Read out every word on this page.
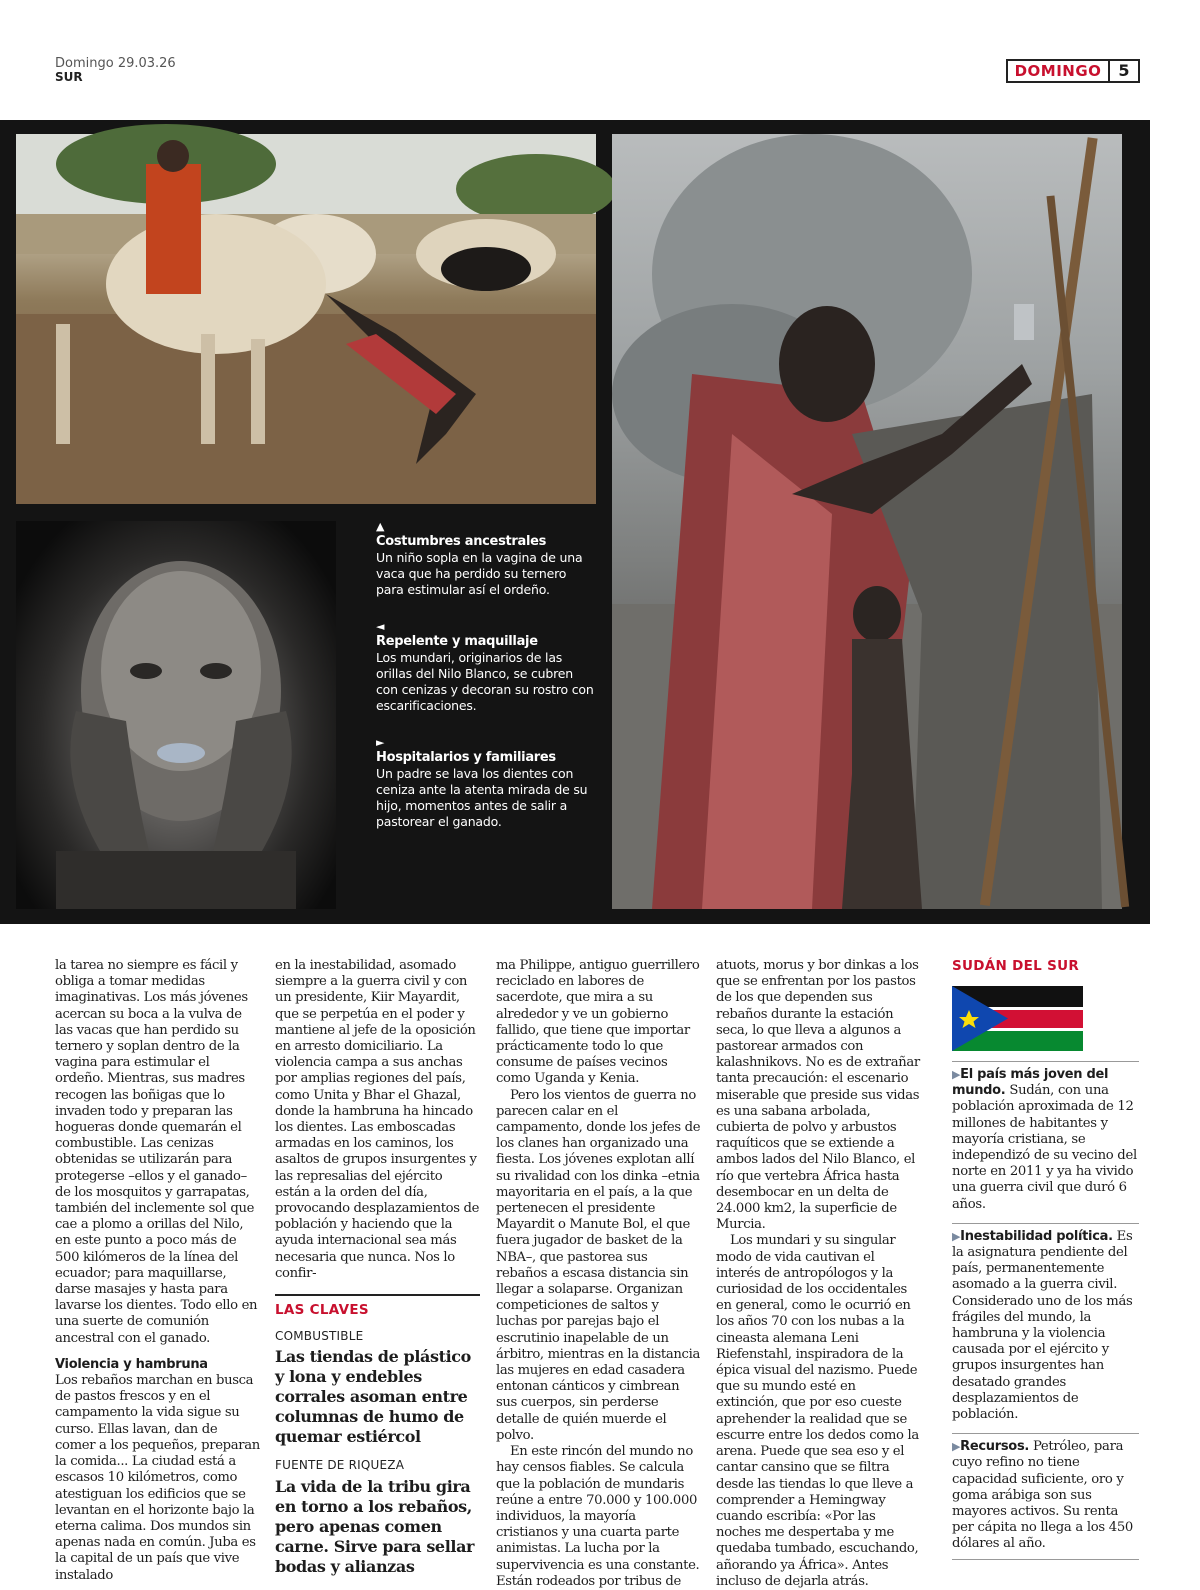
Domingo 29.03.26
SUR	DOMINGO	5
▲
Costumbres ancestrales
Un niño sopla en la vagina de una vaca que ha perdido su ternero para estimular así el ordeño.
◄
Repelente y maquillaje
Los mundari, originarios de las orillas del Nilo Blanco, se cubren con cenizas y decoran su rostro con escarificaciones.
►
Hospitalarios y familiares
Un padre se lava los dientes con ceniza ante la atenta mirada de su hijo, momentos antes de salir a pastorear el ganado.

la tarea no siempre es fácil y obliga a tomar medidas imaginativas. Los más jóvenes acercan su boca a la vulva de las vacas que han perdido su ternero y soplan dentro de la vagina para estimular el ordeño. Mientras, sus madres recogen las boñigas que lo invaden todo y preparan las hogueras donde quemarán el combustible. Las cenizas obtenidas se utilizarán para protegerse –ellos y el ganado– de los mosquitos y garrapatas, también del inclemente sol que cae a plomo a orillas del Nilo, en este punto a poco más de 500 kilómeros de la línea del ecuador; para maquillarse, darse masajes y hasta para lavarse los dientes. Todo ello en una suerte de comunión ancestral con el ganado.

Violencia y hambruna

Los rebaños marchan en busca de pastos frescos y en el campamento la vida sigue su curso. Ellas lavan, dan de comer a los pequeños, preparan la comida... La ciudad está a escasos 10 kilómetros, como atestiguan los edificios que se levantan en el horizonte bajo la eterna calima. Dos mundos sin apenas nada en común. Juba es la capital de un país que vive instalado

en la inestabilidad, asomado siempre a la guerra civil y con un presidente, Kiir Mayardit, que se perpetúa en el poder y mantiene al jefe de la oposición en arresto domiciliario. La violencia campa a sus anchas por amplias regiones del país, como Unita y Bhar el Ghazal, donde la hambruna ha hincado los dientes. Las emboscadas armadas en los caminos, los asaltos de grupos insurgentes y las represalias del ejército están a la orden del día, provocando desplazamientos de población y haciendo que la ayuda internacional sea más necesaria que nunca. Nos lo confir-

LAS CLAVES
COMBUSTIBLE
Las tiendas de plástico y lona y endebles corrales asoman entre columnas de humo de quemar estiércol
FUENTE DE RIQUEZA
La vida de la tribu gira en torno a los rebaños, pero apenas comen carne. Sirve para sellar bodas y alianzas

ma Philippe, antiguo guerrillero reciclado en labores de sacerdote, que mira a su alrededor y ve un gobierno fallido, que tiene que importar prácticamente todo lo que consume de países vecinos como Uganda y Kenia.

Pero los vientos de guerra no parecen calar en el campamento, donde los jefes de los clanes han organizado una fiesta. Los jóvenes explotan allí su rivalidad con los dinka –etnia mayoritaria en el país, a la que pertenecen el presidente Mayardit o Manute Bol, el que fuera jugador de basket de la NBA–, que pastorea sus rebaños a escasa distancia sin llegar a solaparse. Organizan competiciones de saltos y luchas por parejas bajo el escrutinio inapelable de un árbitro, mientras en la distancia las mujeres en edad casadera entonan cánticos y cimbrean sus cuerpos, sin perderse detalle de quién muerde el polvo.

En este rincón del mundo no hay censos fiables. Se calcula que la población de mundaris reúne a entre 70.000 y 100.000 individuos, la mayoría cristianos y una cuarta parte animistas. La lucha por la supervivencia es una constante. Están rodeados por tribus de

atuots, morus y bor dinkas a los que se enfrentan por los pastos de los que dependen sus rebaños durante la estación seca, lo que lleva a algunos a pastorear armados con kalashnikovs. No es de extrañar tanta precaución: el escenario miserable que preside sus vidas es una sabana arbolada, cubierta de polvo y arbustos raquíticos que se extiende a ambos lados del Nilo Blanco, el río que vertebra África hasta desembocar en un delta de 24.000 km2, la superficie de Murcia.

Los mundari y su singular modo de vida cautivan el interés de antropólogos y la curiosidad de los occidentales en general, como le ocurrió en los años 70 con los nubas a la cineasta alemana Leni Riefenstahl, inspiradora de la épica visual del nazismo. Puede que su mundo esté en extinción, que por eso cueste aprehender la realidad que se escurre entre los dedos como la arena. Puede que sea eso y el cantar cansino que se filtra desde las tiendas lo que lleve a comprender a Hemingway cuando escribía: «Por las noches me despertaba y me quedaba tumbado, escuchando, añorando ya África». Antes incluso de dejarla atrás.

SUDÁN DEL SUR
▶El país más joven del mundo. Sudán, con una población aproximada de 12 millones de habitantes y mayoría cristiana, se independizó de su vecino del norte en 2011 y ya ha vivido una guerra civil que duró 6 años.
▶Inestabilidad política. Es la asignatura pendiente del país, permanentemente asomado a la guerra civil. Considerado uno de los más frágiles del mundo, la hambruna y la violencia causada por el ejército y grupos insurgentes han desatado grandes desplazamientos de población.
▶Recursos. Petróleo, para cuyo refino no tiene capacidad suficiente, oro y goma arábiga son sus mayores activos. Su renta per cápita no llega a los 450 dólares al año.
